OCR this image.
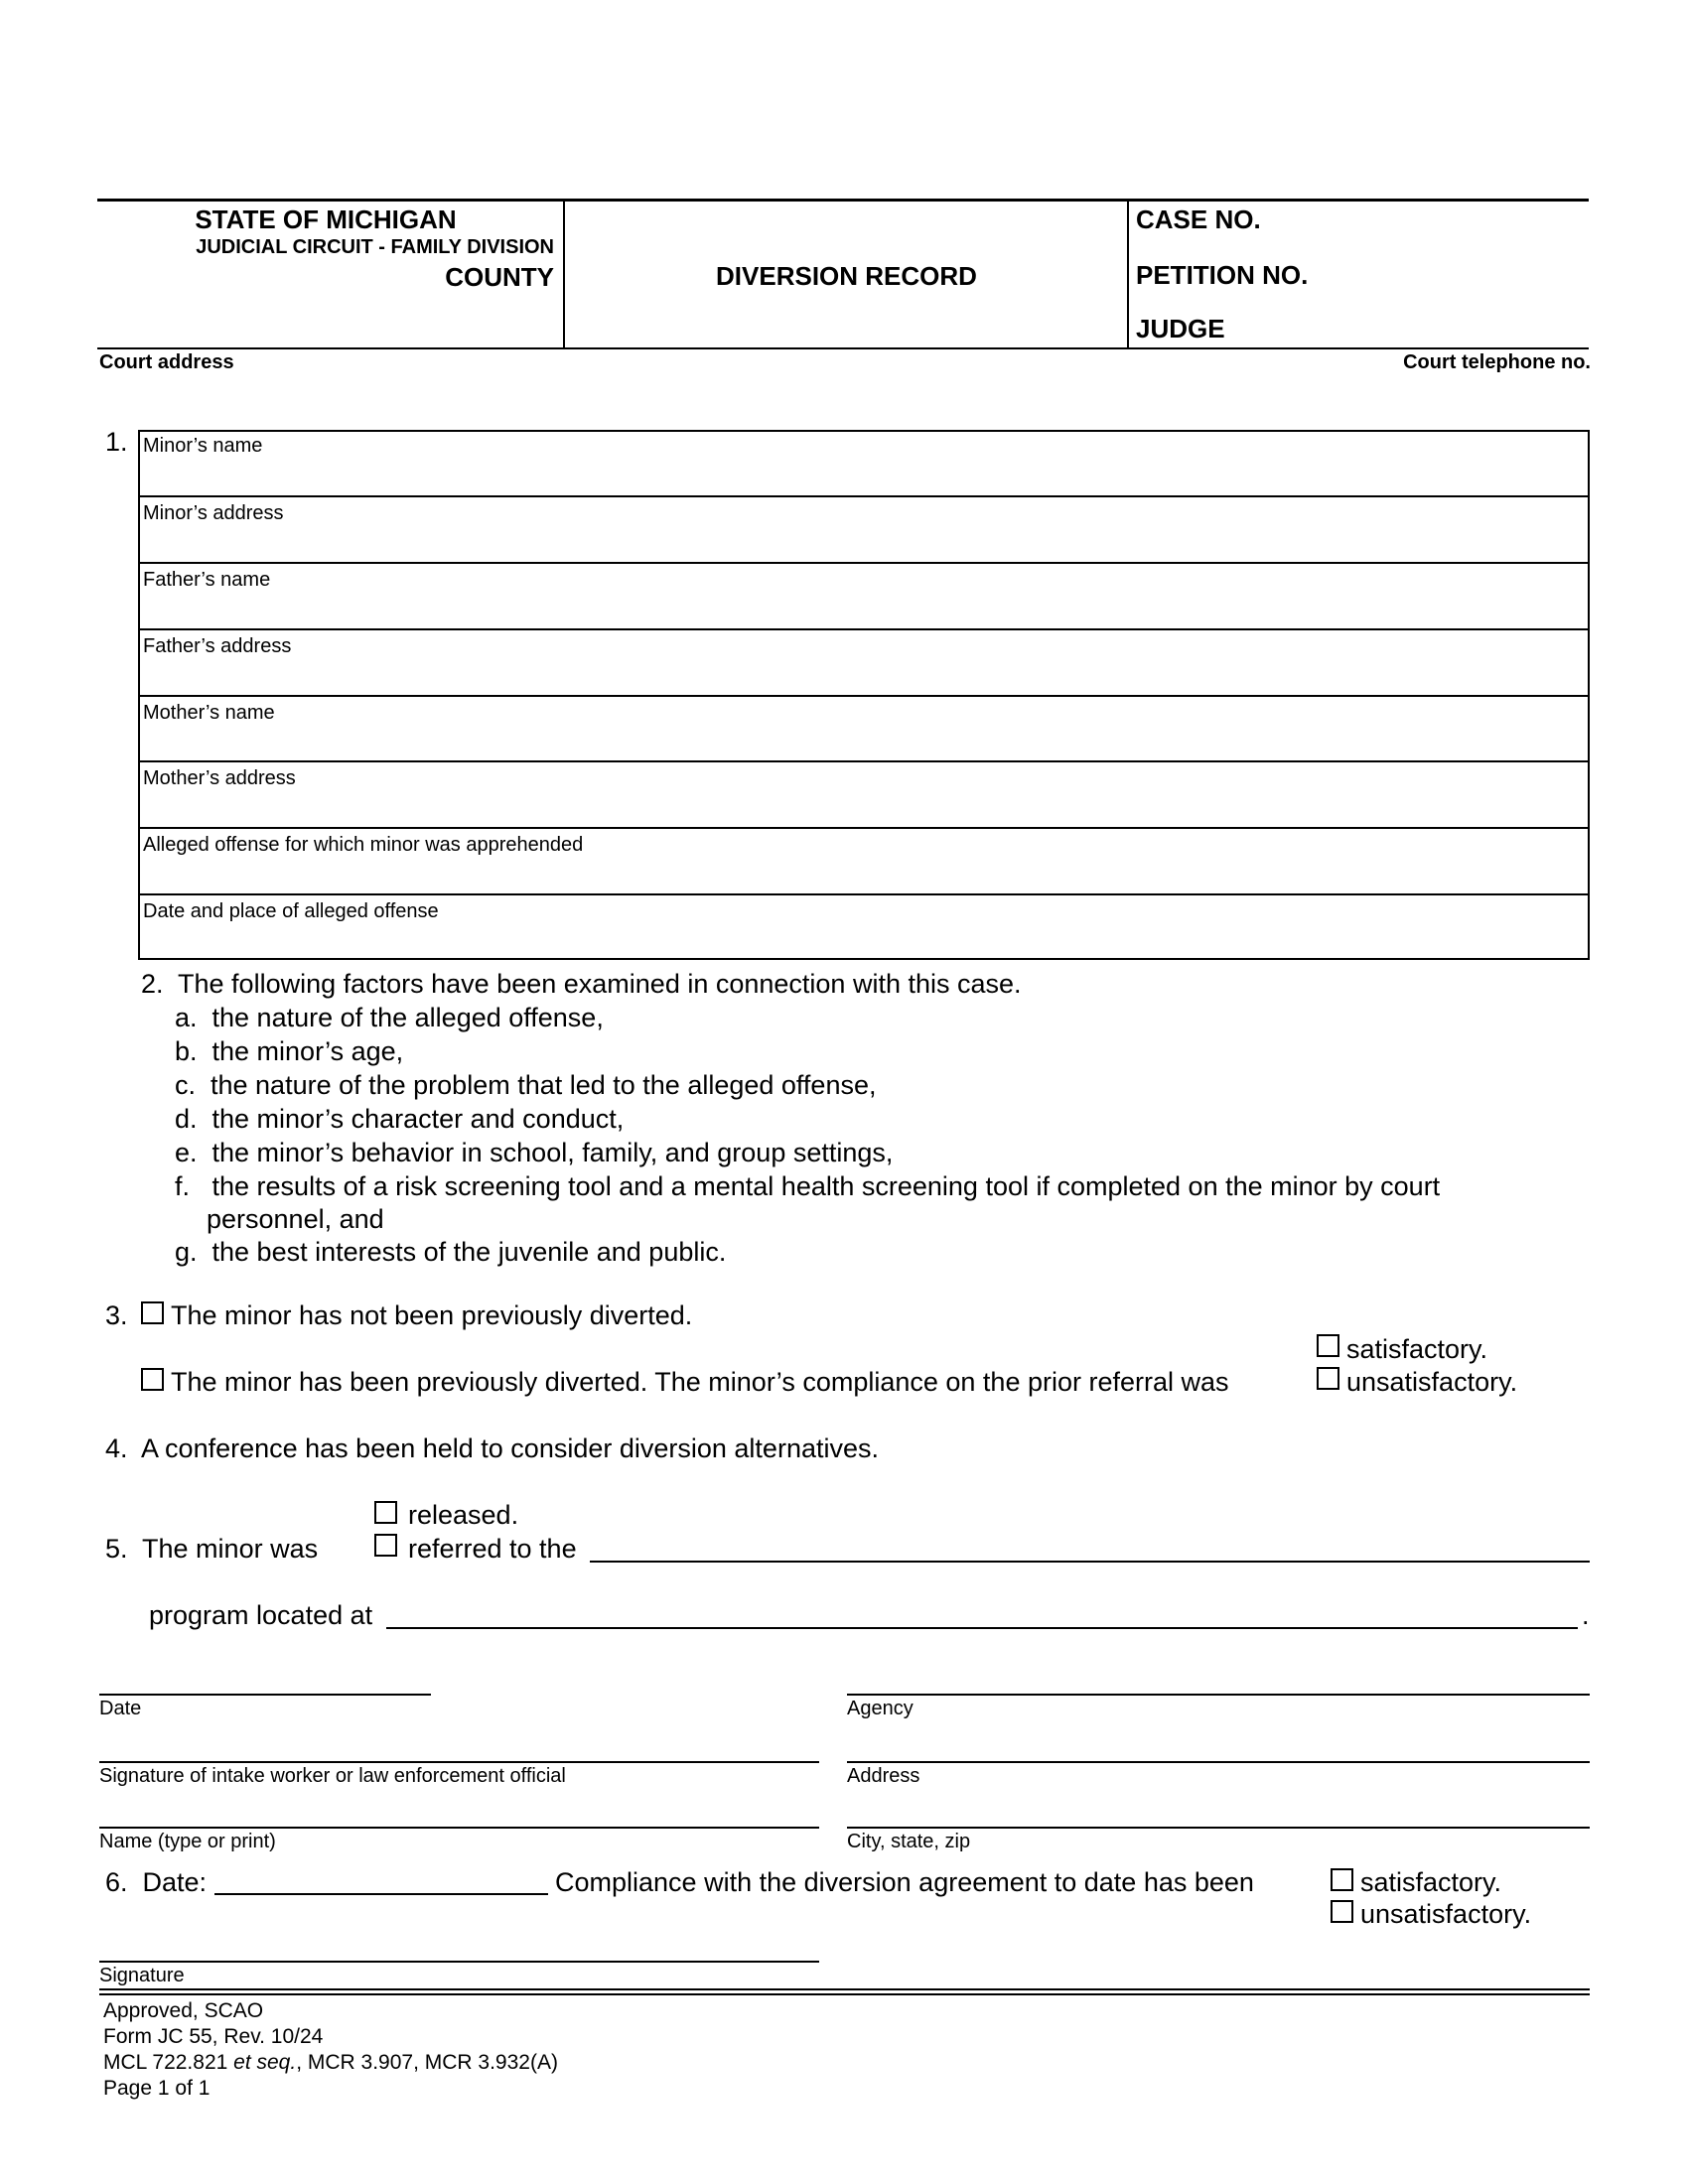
STATE OF MICHIGAN
JUDICIAL CIRCUIT - FAMILY DIVISION
COUNTY	DIVERSION RECORD
CASE NO.
PETITION NO.
JUDGE
Court address	Court telephone no.
1. Minor’s name
Minor’s address
Father’s name
Father’s address
Mother’s name
Mother’s address
Alleged offense for which minor was apprehended
Date and place of alleged offense
2.  The following factors have been examined in connection with this case.
a.  the nature of the alleged offense,
b.  the minor’s age,
c.  the nature of the problem that led to the alleged offense,
d.  the minor’s character and conduct,
e.  the minor’s behavior in school, family, and group settings,
f.   the results of a risk screening tool and a mental health screening tool if completed on the minor by court
personnel, and
g.  the best interests of the juvenile and public.
3. The minor has not been previously diverted.
The minor has been previously diverted. The minor’s compliance on the prior referral was
satisfactory.
unsatisfactory.
4.  A conference has been held to consider diversion alternatives.
5.  The minor was
released.
referred to the
program located at	.
Date	Agency
Signature of intake worker or law enforcement official	Address
Name (type or print)	City, state, zip
6.  Date:	Compliance with the diversion agreement to date has been	satisfactory.
unsatisfactory.
Signature
Approved, SCAO
Form JC 55, Rev. 10/24
MCL 722.821 et seq., MCR 3.907, MCR 3.932(A)
Page 1 of 1
